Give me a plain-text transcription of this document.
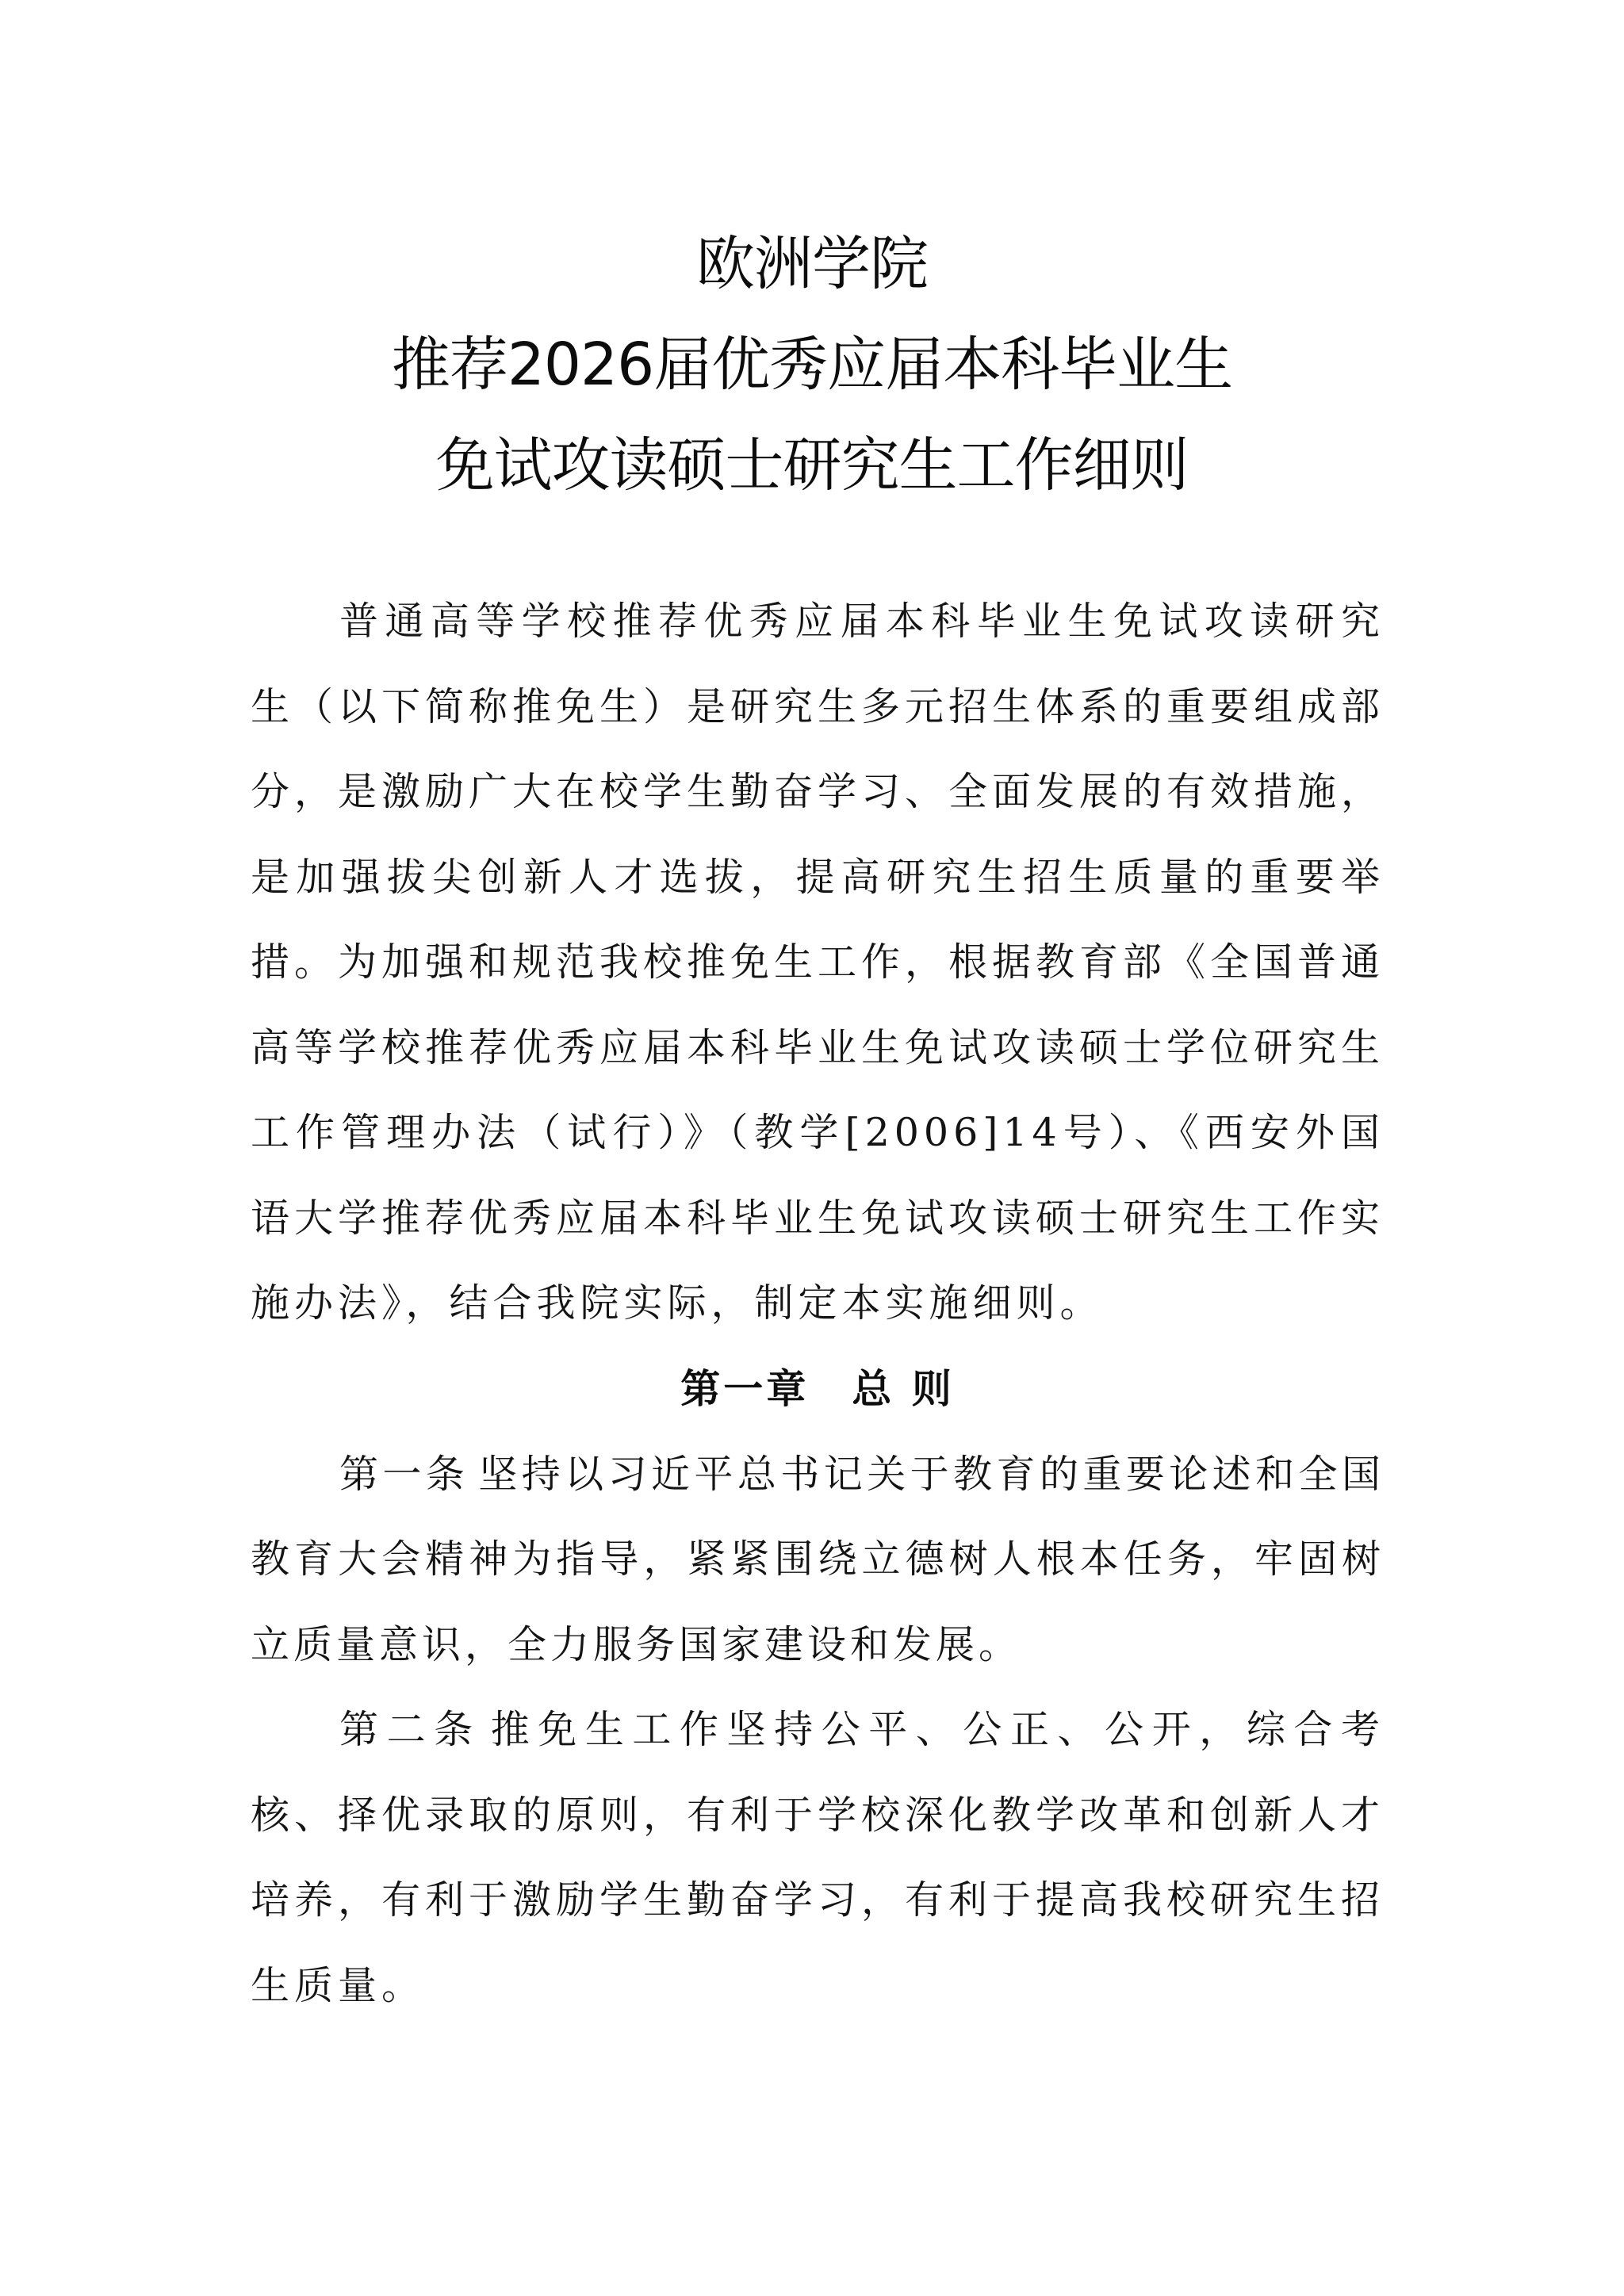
欧洲学院
推荐2026届优秀应届本科毕业生
免试攻读硕士研究生工作细则

普通高等学校推荐优秀应届本科毕业生免试攻读研究生（以下简称推免生）是研究生多元招生体系的重要组成部分，是激励广大在校学生勤奋学习、全面发展的有效措施，是加强拔尖创新人才选拔，提高研究生招生质量的重要举措。为加强和规范我校推免生工作，根据教育部《全国普通高等学校推荐优秀应届本科毕业生免试攻读硕士学位研究生工作管理办法（试行）》（教学[2006]14号）、《西安外国语大学推荐优秀应届本科毕业生免试攻读硕士研究生工作实施办法》，结合我院实际，制定本实施细则。

第一章　总 则

第一条 坚持以习近平总书记关于教育的重要论述和全国教育大会精神为指导，紧紧围绕立德树人根本任务，牢固树立质量意识，全力服务国家建设和发展。

第二条 推免生工作坚持公平、公正、公开，综合考核、择优录取的原则，有利于学校深化教学改革和创新人才培养，有利于激励学生勤奋学习，有利于提高我校研究生招生质量。
